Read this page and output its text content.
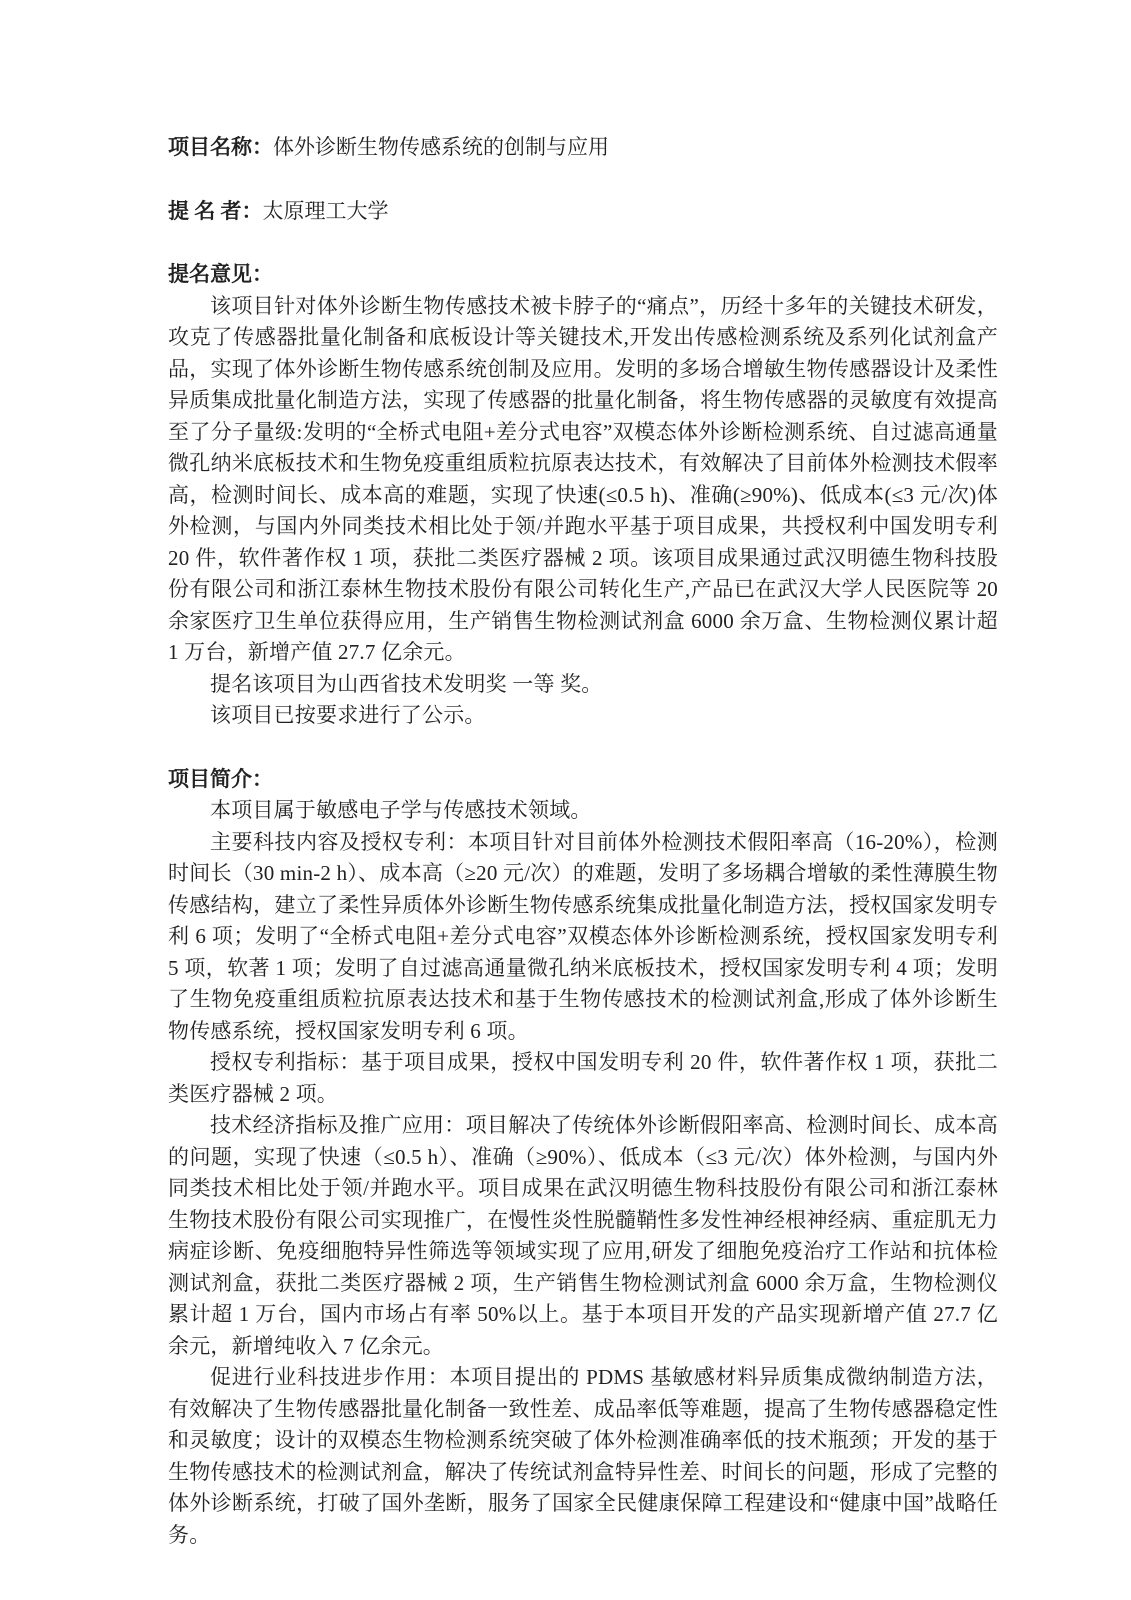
项目名称：体外诊断生物传感系统的创制与应用

提 名 者：太原理工大学

提名意见：

该项目针对体外诊断生物传感技术被卡脖子的“痛点”，历经十多年的关键技术研发，攻克了传感器批量化制备和底板设计等关键技术,开发出传感检测系统及系列化试剂盒产品，实现了体外诊断生物传感系统创制及应用。发明的多场合增敏生物传感器设计及柔性异质集成批量化制造方法，实现了传感器的批量化制备，将生物传感器的灵敏度有效提高至了分子量级:发明的“全桥式电阻+差分式电容”双模态体外诊断检测系统、自过滤高通量微孔纳米底板技术和生物免疫重组质粒抗原表达技术，有效解决了目前体外检测技术假率高，检测时间长、成本高的难题，实现了快速(≤0.5 h)、准确(≥90%)、低成本(≤3 元/次)体外检测，与国内外同类技术相比处于领/并跑水平基于项目成果，共授权利中国发明专利 20 件，软件著作权 1 项，获批二类医疗器械 2 项。该项目成果通过武汉明德生物科技股份有限公司和浙江泰林生物技术股份有限公司转化生产,产品已在武汉大学人民医院等 20 余家医疗卫生单位获得应用，生产销售生物检测试剂盒 6000 余万盒、生物检测仪累计超 1 万台，新增产值 27.7 亿余元。

提名该项目为山西省技术发明奖 一等 奖。

该项目已按要求进行了公示。

项目简介：

本项目属于敏感电子学与传感技术领域。

主要科技内容及授权专利：本项目针对目前体外检测技术假阳率高（16-20%），检测时间长（30 min-2 h）、成本高（≥20 元/次）的难题，发明了多场耦合增敏的柔性薄膜生物传感结构，建立了柔性异质体外诊断生物传感系统集成批量化制造方法，授权国家发明专利 6 项；发明了“全桥式电阻+差分式电容”双模态体外诊断检测系统，授权国家发明专利 5 项，软著 1 项；发明了自过滤高通量微孔纳米底板技术，授权国家发明专利 4 项；发明了生物免疫重组质粒抗原表达技术和基于生物传感技术的检测试剂盒,形成了体外诊断生物传感系统，授权国家发明专利 6 项。

授权专利指标：基于项目成果，授权中国发明专利 20 件，软件著作权 1 项，获批二类医疗器械 2 项。

技术经济指标及推广应用：项目解决了传统体外诊断假阳率高、检测时间长、成本高的问题，实现了快速（≤0.5 h）、准确（≥90%）、低成本（≤3 元/次）体外检测，与国内外同类技术相比处于领/并跑水平。项目成果在武汉明德生物科技股份有限公司和浙江泰林生物技术股份有限公司实现推广，在慢性炎性脱髓鞘性多发性神经根神经病、重症肌无力病症诊断、免疫细胞特异性筛选等领域实现了应用,研发了细胞免疫治疗工作站和抗体检测试剂盒，获批二类医疗器械 2 项，生产销售生物检测试剂盒 6000 余万盒，生物检测仪累计超 1 万台，国内市场占有率 50%以上。基于本项目开发的产品实现新增产值 27.7 亿余元，新增纯收入 7 亿余元。

促进行业科技进步作用：本项目提出的 PDMS 基敏感材料异质集成微纳制造方法，有效解决了生物传感器批量化制备一致性差、成品率低等难题，提高了生物传感器稳定性和灵敏度；设计的双模态生物检测系统突破了体外检测准确率低的技术瓶颈；开发的基于生物传感技术的检测试剂盒，解决了传统试剂盒特异性差、时间长的问题，形成了完整的体外诊断系统，打破了国外垄断，服务了国家全民健康保障工程建设和“健康中国”战略任务。
